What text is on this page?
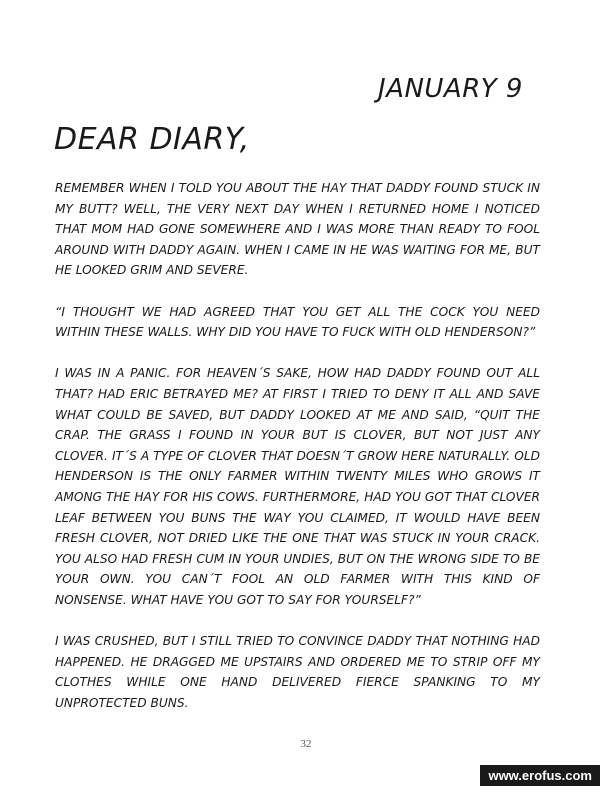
JANUARY 9
DEAR DIARY,

REMEMBER WHEN I TOLD YOU ABOUT THE HAY THAT DADDY FOUND STUCK IN MY BUTT? WELL, THE VERY NEXT DAY WHEN I RETURNED HOME I NOTICED THAT MOM HAD GONE SOMEWHERE AND I WAS MORE THAN READY TO FOOL AROUND WITH DADDY AGAIN. WHEN I CAME IN HE WAS WAITING FOR ME, BUT HE LOOKED GRIM AND SEVERE.

“I THOUGHT WE HAD AGREED THAT YOU GET ALL THE COCK YOU NEED WITHIN THESE WALLS. WHY DID YOU HAVE TO FUCK WITH OLD HENDERSON?”

I WAS IN A PANIC. FOR HEAVEN´S SAKE, HOW HAD DADDY FOUND OUT ALL THAT? HAD ERIC BETRAYED ME? AT FIRST I TRIED TO DENY IT ALL AND SAVE WHAT COULD BE SAVED, BUT DADDY LOOKED AT ME AND SAID, “QUIT THE CRAP. THE GRASS I FOUND IN YOUR BUT IS CLOVER, BUT NOT JUST ANY CLOVER. IT´S A TYPE OF CLOVER THAT DOESN´T GROW HERE NATURALLY. OLD HENDERSON IS THE ONLY FARMER WITHIN TWENTY MILES WHO GROWS IT AMONG THE HAY FOR HIS COWS. FURTHERMORE, HAD YOU GOT THAT CLOVER LEAF BETWEEN YOU BUNS THE WAY YOU CLAIMED, IT WOULD HAVE BEEN FRESH CLOVER, NOT DRIED LIKE THE ONE THAT WAS STUCK IN YOUR CRACK. YOU ALSO HAD FRESH CUM IN YOUR UNDIES, BUT ON THE WRONG SIDE TO BE YOUR OWN. YOU CAN´T FOOL AN OLD FARMER WITH THIS KIND OF NONSENSE. WHAT HAVE YOU GOT TO SAY FOR YOURSELF?”

I WAS CRUSHED, BUT I STILL TRIED TO CONVINCE DADDY THAT NOTHING HAD HAPPENED. HE DRAGGED ME UPSTAIRS AND ORDERED ME TO STRIP OFF MY CLOTHES WHILE ONE HAND DELIVERED FIERCE SPANKING TO MY UNPROTECTED BUNS.

32
www.erofus.com
